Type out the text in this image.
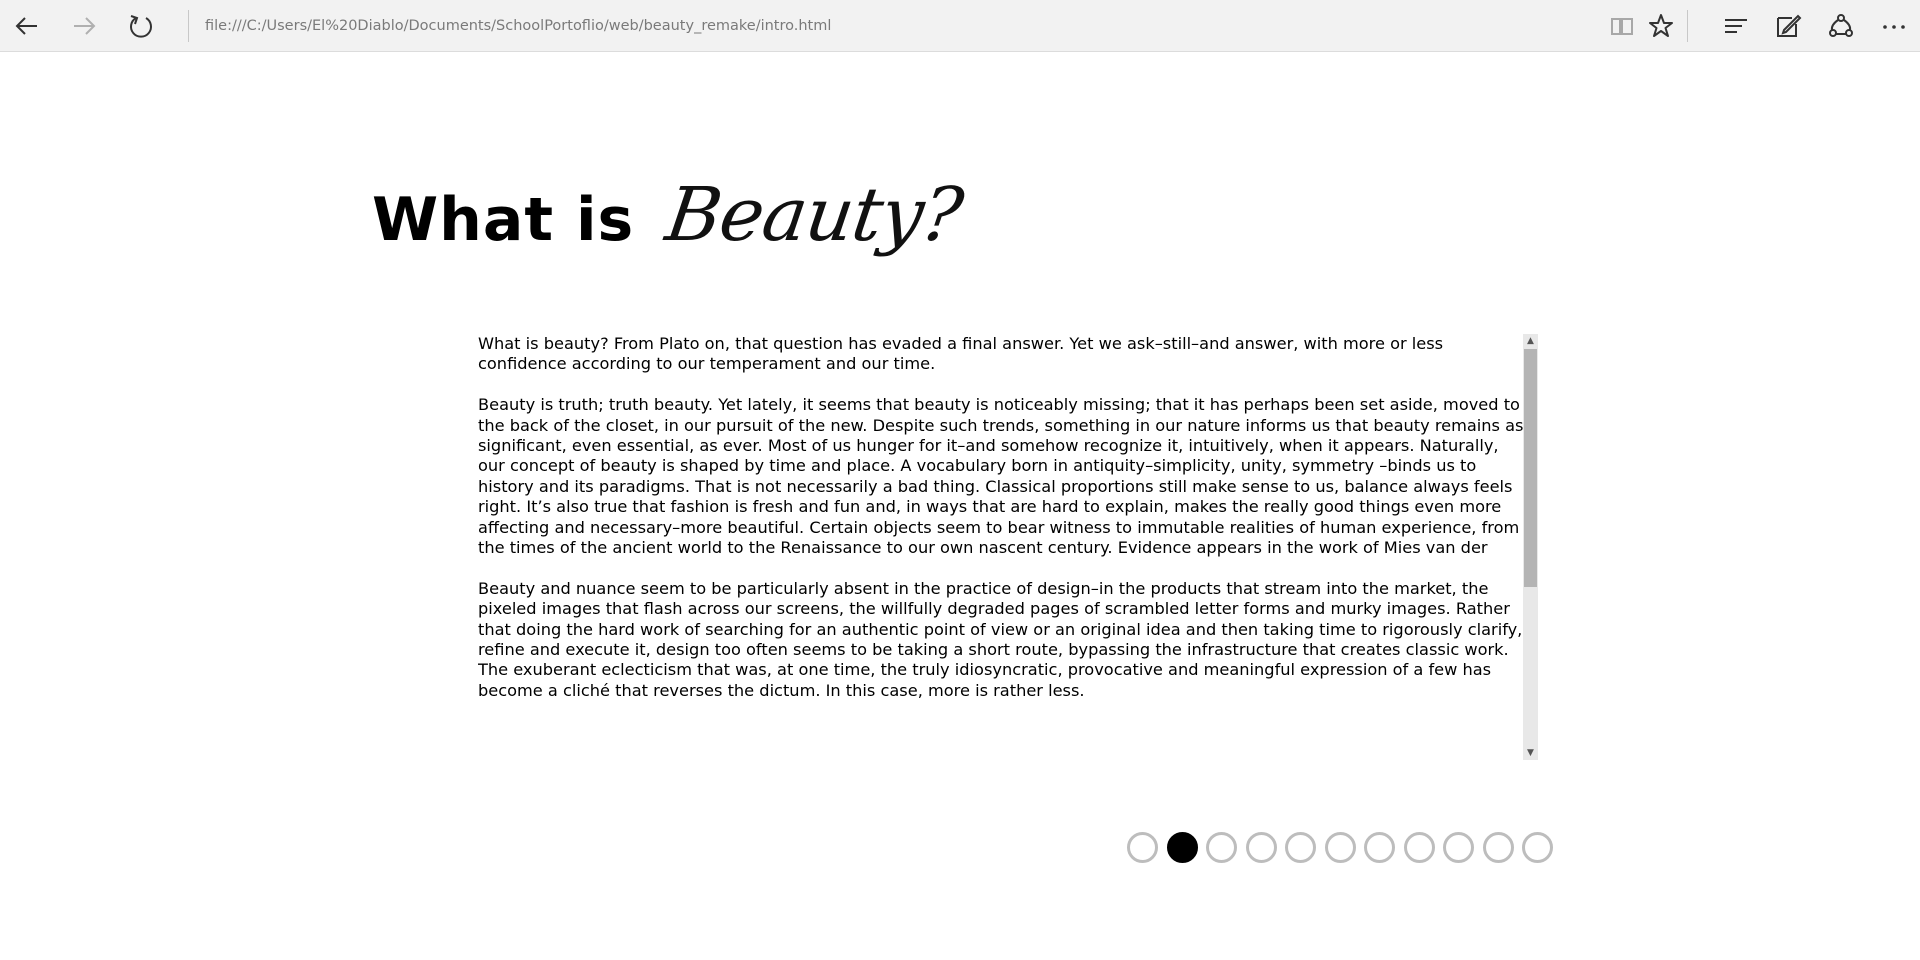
file:///C:/Users/El%20Diablo/Documents/SchoolPortoflio/web/beauty_remake/intro.html
What is Beauty?

What is beauty? From Plato on, that question has evaded a final answer. Yet we ask–still–and answer, with more or less confidence according to our temperament and our time.

Beauty is truth; truth beauty. Yet lately, it seems that beauty is noticeably missing; that it has perhaps been set aside, moved to the back of the closet, in our pursuit of the new. Despite such trends, something in our nature informs us that beauty remains as significant, even essential, as ever. Most of us hunger for it–and somehow recognize it, intuitively, when it appears. Naturally, our concept of beauty is shaped by time and place. A vocabulary born in antiquity–simplicity, unity, symmetry –binds us to history and its paradigms. That is not necessarily a bad thing. Classical proportions still make sense to us, balance always feels right. It’s also true that fashion is fresh and fun and, in ways that are hard to explain, makes the really good things even more affecting and necessary–more beautiful. Certain objects seem to bear witness to immutable realities of human experience, from the times of the ancient world to the Renaissance to our own nascent century. Evidence appears in the work of Mies van der

Beauty and nuance seem to be particularly absent in the practice of design–in the products that stream into the market, the pixeled images that flash across our screens, the willfully degraded pages of scrambled letter forms and murky images. Rather that doing the hard work of searching for an authentic point of view or an original idea and then taking time to rigorously clarify, refine and execute it, design too often seems to be taking a short route, bypassing the infrastructure that creates classic work. The exuberant eclecticism that was, at one time, the truly idiosyncratic, provocative and meaningful expression of a few has become a cliché that reverses the dictum. In this case, more is rather less.

▲
▼
